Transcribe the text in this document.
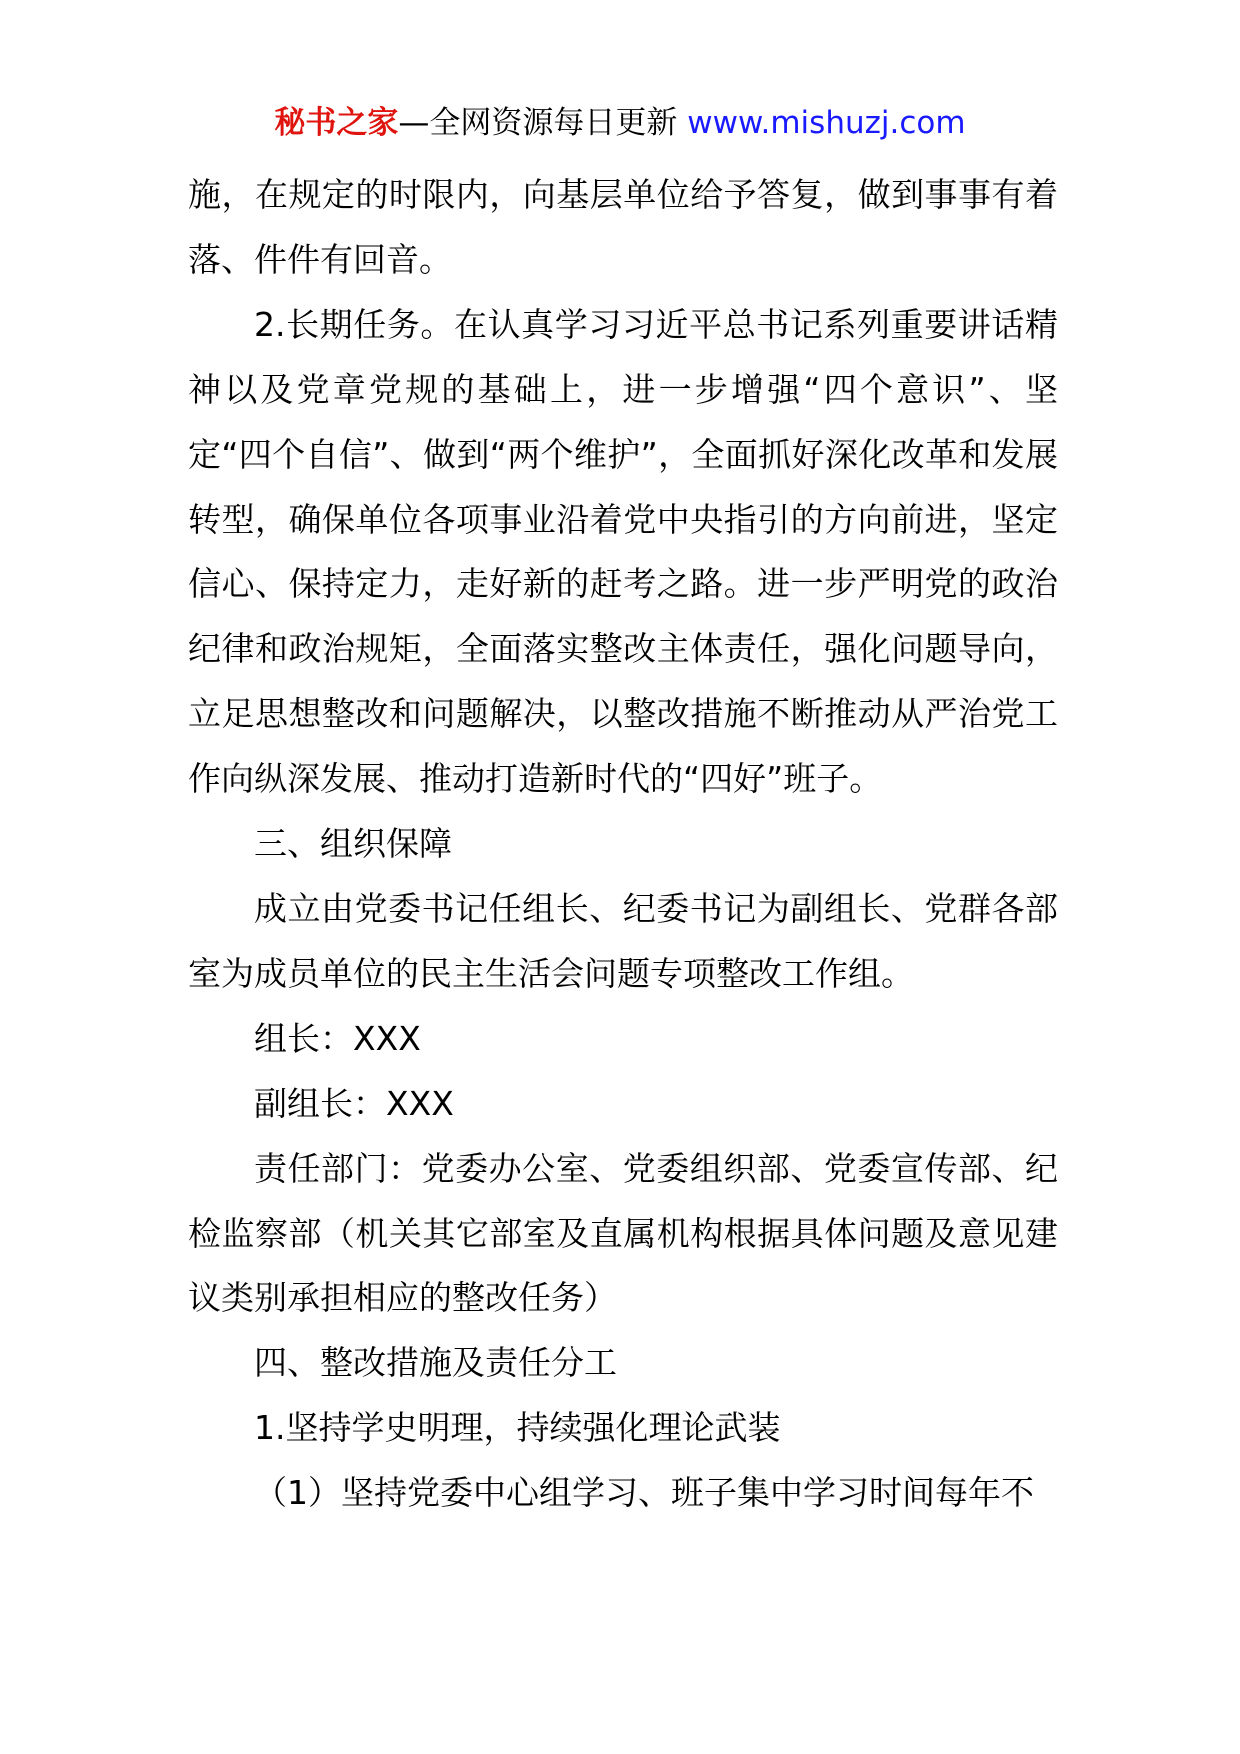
秘书之家—全网资源每日更新 www.mishuzj.com

施，在规定的时限内，向基层单位给予答复，做到事事有着落、件件有回音。

2.长期任务。在认真学习习近平总书记系列重要讲话精神以及党章党规的基础上，进一步增强“四个意识”、坚定“四个自信”、做到“两个维护”，全面抓好深化改革和发展转型，确保单位各项事业沿着党中央指引的方向前进，坚定信心、保持定力，走好新的赶考之路。进一步严明党的政治纪律和政治规矩，全面落实整改主体责任，强化问题导向，立足思想整改和问题解决，以整改措施不断推动从严治党工作向纵深发展、推动打造新时代的“四好”班子。

三、组织保障

成立由党委书记任组长、纪委书记为副组长、党群各部室为成员单位的民主生活会问题专项整改工作组。

组长：XXX

副组长：XXX

责任部门：党委办公室、党委组织部、党委宣传部、纪检监察部（机关其它部室及直属机构根据具体问题及意见建议类别承担相应的整改任务）

四、整改措施及责任分工

1.坚持学史明理，持续强化理论武装

（1）坚持党委中心组学习、班子集中学习时间每年不
